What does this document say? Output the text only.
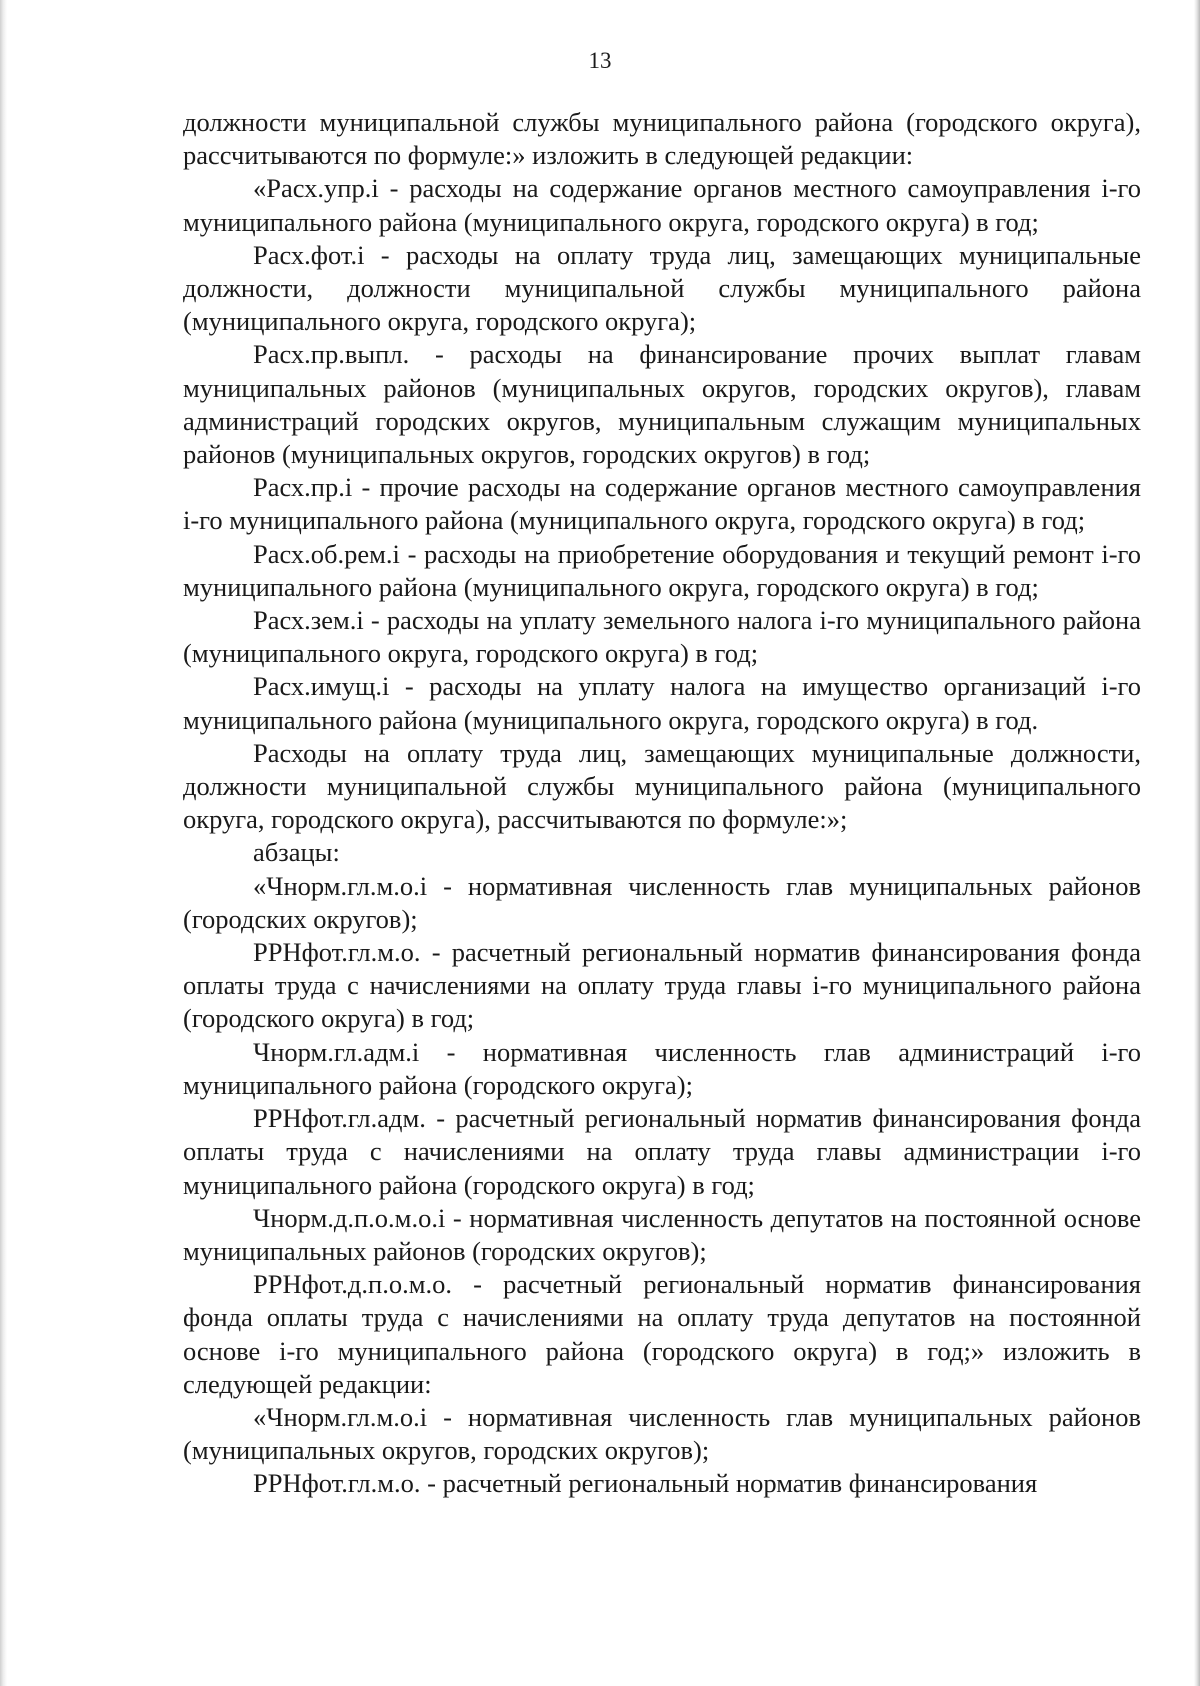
13

должности муниципальной службы муниципального района (городского округа), рассчитываются по формуле:» изложить в следующей редакции:

«Расх.упр.i - расходы на содержание органов местного самоуправления i-го муниципального района (муниципального округа, городского округа) в год;

Расх.фот.i - расходы на оплату труда лиц, замещающих муниципальные должности, должности муниципальной службы муниципального района (муниципального округа, городского округа);

Расх.пр.выпл. - расходы на финансирование прочих выплат главам муниципальных районов (муниципальных округов, городских округов), главам администраций городских округов, муниципальным служащим муниципальных районов (муниципальных округов, городских округов) в год;

Расх.пр.i - прочие расходы на содержание органов местного самоуправления i-го муниципального района (муниципального округа, городского округа) в год;

Расх.об.рем.i - расходы на приобретение оборудования и текущий ремонт i-го муниципального района (муниципального округа, городского округа) в год;

Расх.зем.i - расходы на уплату земельного налога i-го муниципального района (муниципального округа, городского округа) в год;

Расх.имущ.i - расходы на уплату налога на имущество организаций i-го муниципального района (муниципального округа, городского округа) в год.

Расходы на оплату труда лиц, замещающих муниципальные должности, должности муниципальной службы муниципального района (муниципального округа, городского округа), рассчитываются по формуле:»;

абзацы:

«Чнорм.гл.м.о.i - нормативная численность глав муниципальных районов (городских округов);

РРНфот.гл.м.о. - расчетный региональный норматив финансирования фонда оплаты труда с начислениями на оплату труда главы i-го муниципального района (городского округа) в год;

Чнорм.гл.адм.i - нормативная численность глав администраций i-го муниципального района (городского округа);

РРНфот.гл.адм. - расчетный региональный норматив финансирования фонда оплаты труда с начислениями на оплату труда главы администрации i-го муниципального района (городского округа) в год;

Чнорм.д.п.о.м.о.i - нормативная численность депутатов на постоянной основе муниципальных районов (городских округов);

РРНфот.д.п.о.м.о. - расчетный региональный норматив финансирования фонда оплаты труда с начислениями на оплату труда депутатов на постоянной основе i-го муниципального района (городского округа) в год;» изложить в следующей редакции:

«Чнорм.гл.м.о.i - нормативная численность глав муниципальных районов (муниципальных округов, городских округов);

РРНфот.гл.м.о. - расчетный региональный норматив финансирования
